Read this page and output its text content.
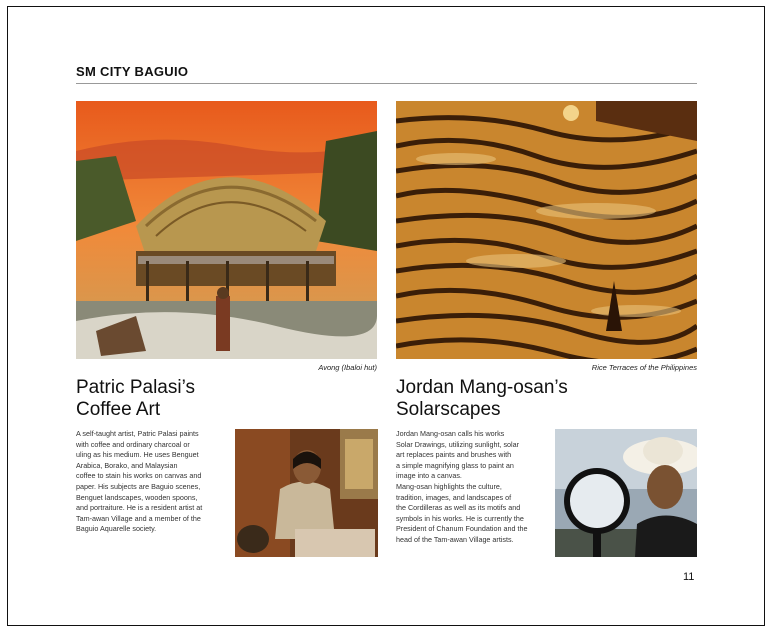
SM CITY BAGUIO
Avong (Ibaloi hut)	Rice Terraces of the Philippines
Patric Palasi’s
Coffee Art
A self-taught artist, Patric Palasi paints
with coffee and ordinary charcoal or
uling as his medium. He uses Benguet
Arabica, Borako, and Malaysian
coffee to stain his works on canvas and
paper. His subjects are Baguio scenes,
Benguet landscapes, wooden spoons,
and portraiture. He is a resident artist at
Tam-awan Village and a member of the
Baguio Aquarelle society.
Jordan Mang-osan’s
Solarscapes
Jordan Mang-osan calls his works
Solar Drawings, utilizing sunlight, solar
art replaces paints and brushes with
a simple magnifying glass to paint an
image into a canvas.
Mang-osan highlights the culture,
tradition, images, and landscapes of
the Cordilleras as well as its motifs and
symbols in his works. He is currently the
President of Chanum Foundation and the
head of the Tam-awan Village artists.
11
